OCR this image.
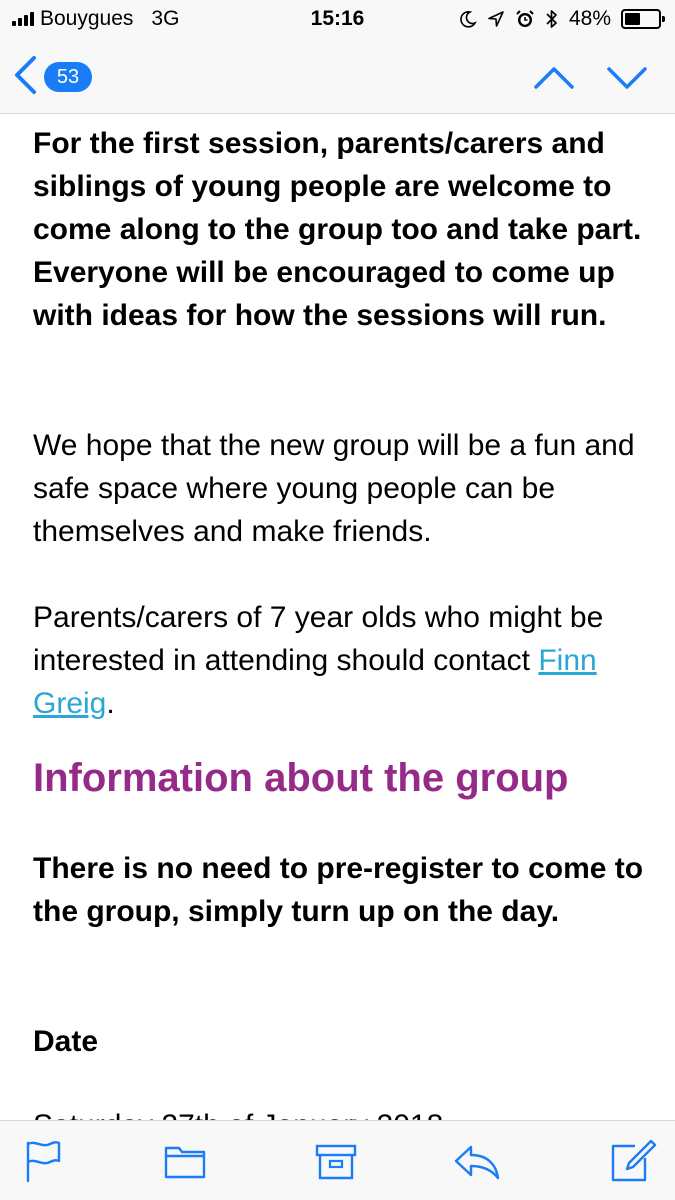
Bouygues 3G	15:16	48%
53

For the first session, parents/carers and siblings of young people are welcome to come along to the group too and take part. Everyone will be encouraged to come up with ideas for how the sessions will run.

We hope that the new group will be a fun and safe space where young people can be themselves and make friends.

Parents/carers of 7 year olds who might be interested in attending should contact Finn Greig.

Information about the group

There is no need to pre-register to come to the group, simply turn up on the day.

Date
